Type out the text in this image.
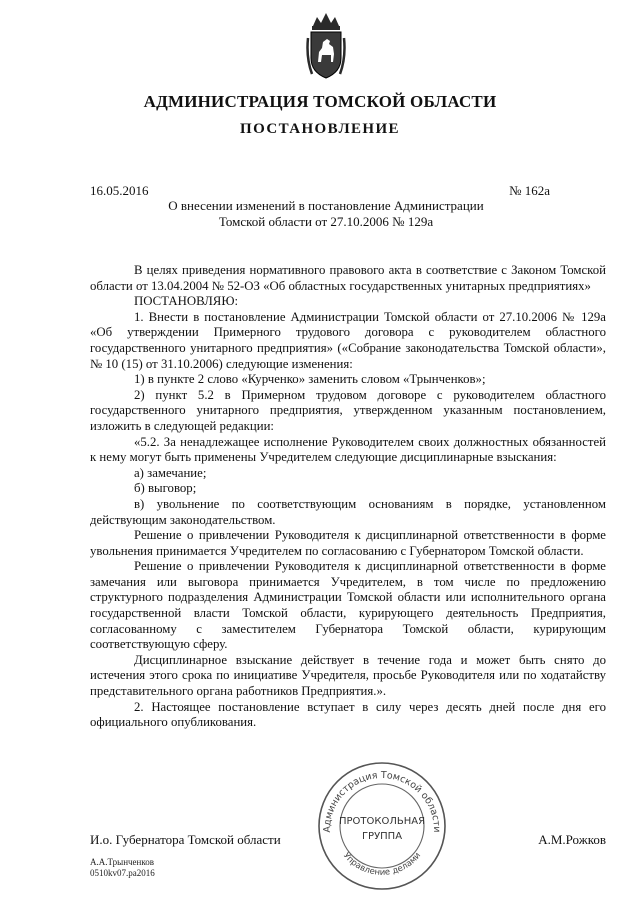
АДМИНИСТРАЦИЯ ТОМСКОЙ ОБЛАСТИ
ПОСТАНОВЛЕНИЕ
16.05.2016	№ 162а
О внесении изменений в постановление Администрации
Томской области от 27.10.2006 № 129а

В целях приведения нормативного правового акта в соответствие с Законом Томской области от 13.04.2004 № 52-ОЗ «Об областных государственных унитарных предприятиях»

ПОСТАНОВЛЯЮ:

1. Внести в постановление Администрации Томской области от 27.10.2006 № 129а «Об утверждении Примерного трудового договора с руководителем областного государственного унитарного предприятия» («Собрание законодательства Томской области», № 10 (15) от 31.10.2006) следующие изменения:

1) в пункте 2 слово «Курченко» заменить словом «Трынченков»;

2) пункт 5.2 в Примерном трудовом договоре с руководителем областного государственного унитарного предприятия, утвержденном указанным постановлением, изложить в следующей редакции:

«5.2. За ненадлежащее исполнение Руководителем своих должностных обязанностей к нему могут быть применены Учредителем следующие дисциплинарные взыскания:

а) замечание;

б) выговор;

в) увольнение по соответствующим основаниям в порядке, установленном действующим законодательством.

Решение о привлечении Руководителя к дисциплинарной ответственности в форме увольнения принимается Учредителем по согласованию с Губернатором Томской области.

Решение о привлечении Руководителя к дисциплинарной ответственности в форме замечания или выговора принимается Учредителем, в том числе по предложению структурного подразделения Администрации Томской области или исполнительного органа государственной власти Томской области, курирующего деятельность Предприятия, согласованному с заместителем Губернатора Томской области, курирующим соответствующую сферу.

Дисциплинарное взыскание действует в течение года и может быть снято до истечения этого срока по инициативе Учредителя, просьбе Руководителя или по ходатайству представительного органа работников Предприятия.».

2. Настоящее постановление вступает в силу через десять дней после дня его официального опубликования.

Администрация Томской области
Управление делами
ПРОТОКОЛЬНАЯ
ГРУППА
И.о. Губернатора Томской области	А.М.Рожков
А.А.Трынченков
0510kv07.ра2016
